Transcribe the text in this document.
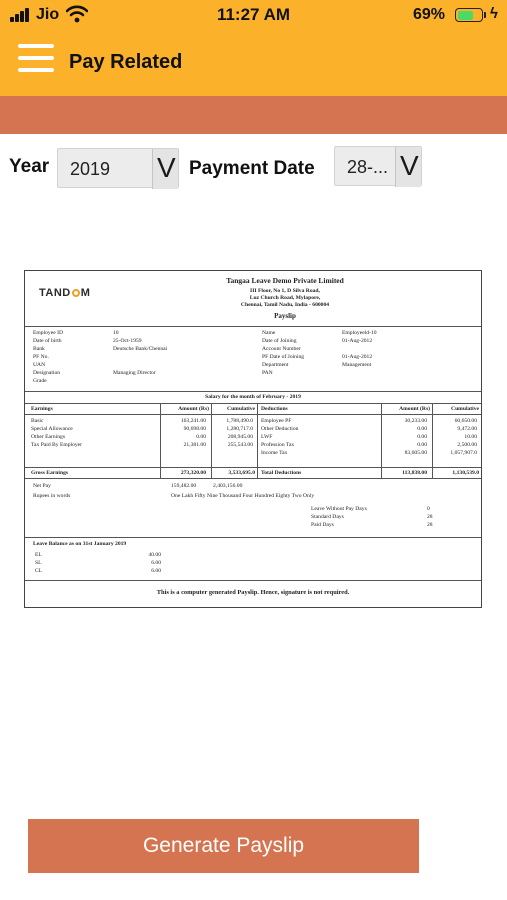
Jio	11:27 AM	69%	ϟ
Pay Related
Year 2019 V Payment Date 28-... V
TAND M
Tangaa Leave Demo Private Limited
III Floor, No 1, D Silva Road,
Luz Church Road, Mylapore,
Chennai, Tamil Nadu, India - 600004
Payslip
Employee ID	10
Date of birth	25-Oct-1959
Bank	Deutsche Bank/Chennai
PF No.
UAN
Designation	Managing Director
Grade
Name	Employeeld-10
Date of Joining	01-Aug-2012
Account Number
PF Date of Joining	01-Aug-2012
Department	Management
PAN
Salary for the month of February - 2019
Earnings	Amount (Rs)	Cumulative Deductions	Amount (Rs)	Cumulative
Basic	163,241.00	1,788,490.0
Special Allowance	90,698.00	1,280,717.0
Other Earnings	0.00	208,945.00
Tax Paid By Employer	21,381.00	255,543.00
Employee PF	30,233.00	60,650.00
Other Deduction	0.00	9,472.00
LWF	0.00	10.00
Profession Tax	0.00	2,500.00
Income Tax	83,605.00	1,057,907.0
Gross Earnings	273,320.00	3,533,695.0 Total Deductions	113,838.00	1,130,539.0
Net Pay	159,482.00	2,403,156.00
Rupees in words	One Lakh Fifty Nine Thousand Four Hundred Eighty Two Only
Leave Without Pay Days	0
Standard Days	28
Paid Days	28
Leave Balance as on 31st January 2019
EL	40.00
SL	6.00
CL	6.00
This is a computer generated Payslip. Hence, signature is not required.
Generate Payslip
